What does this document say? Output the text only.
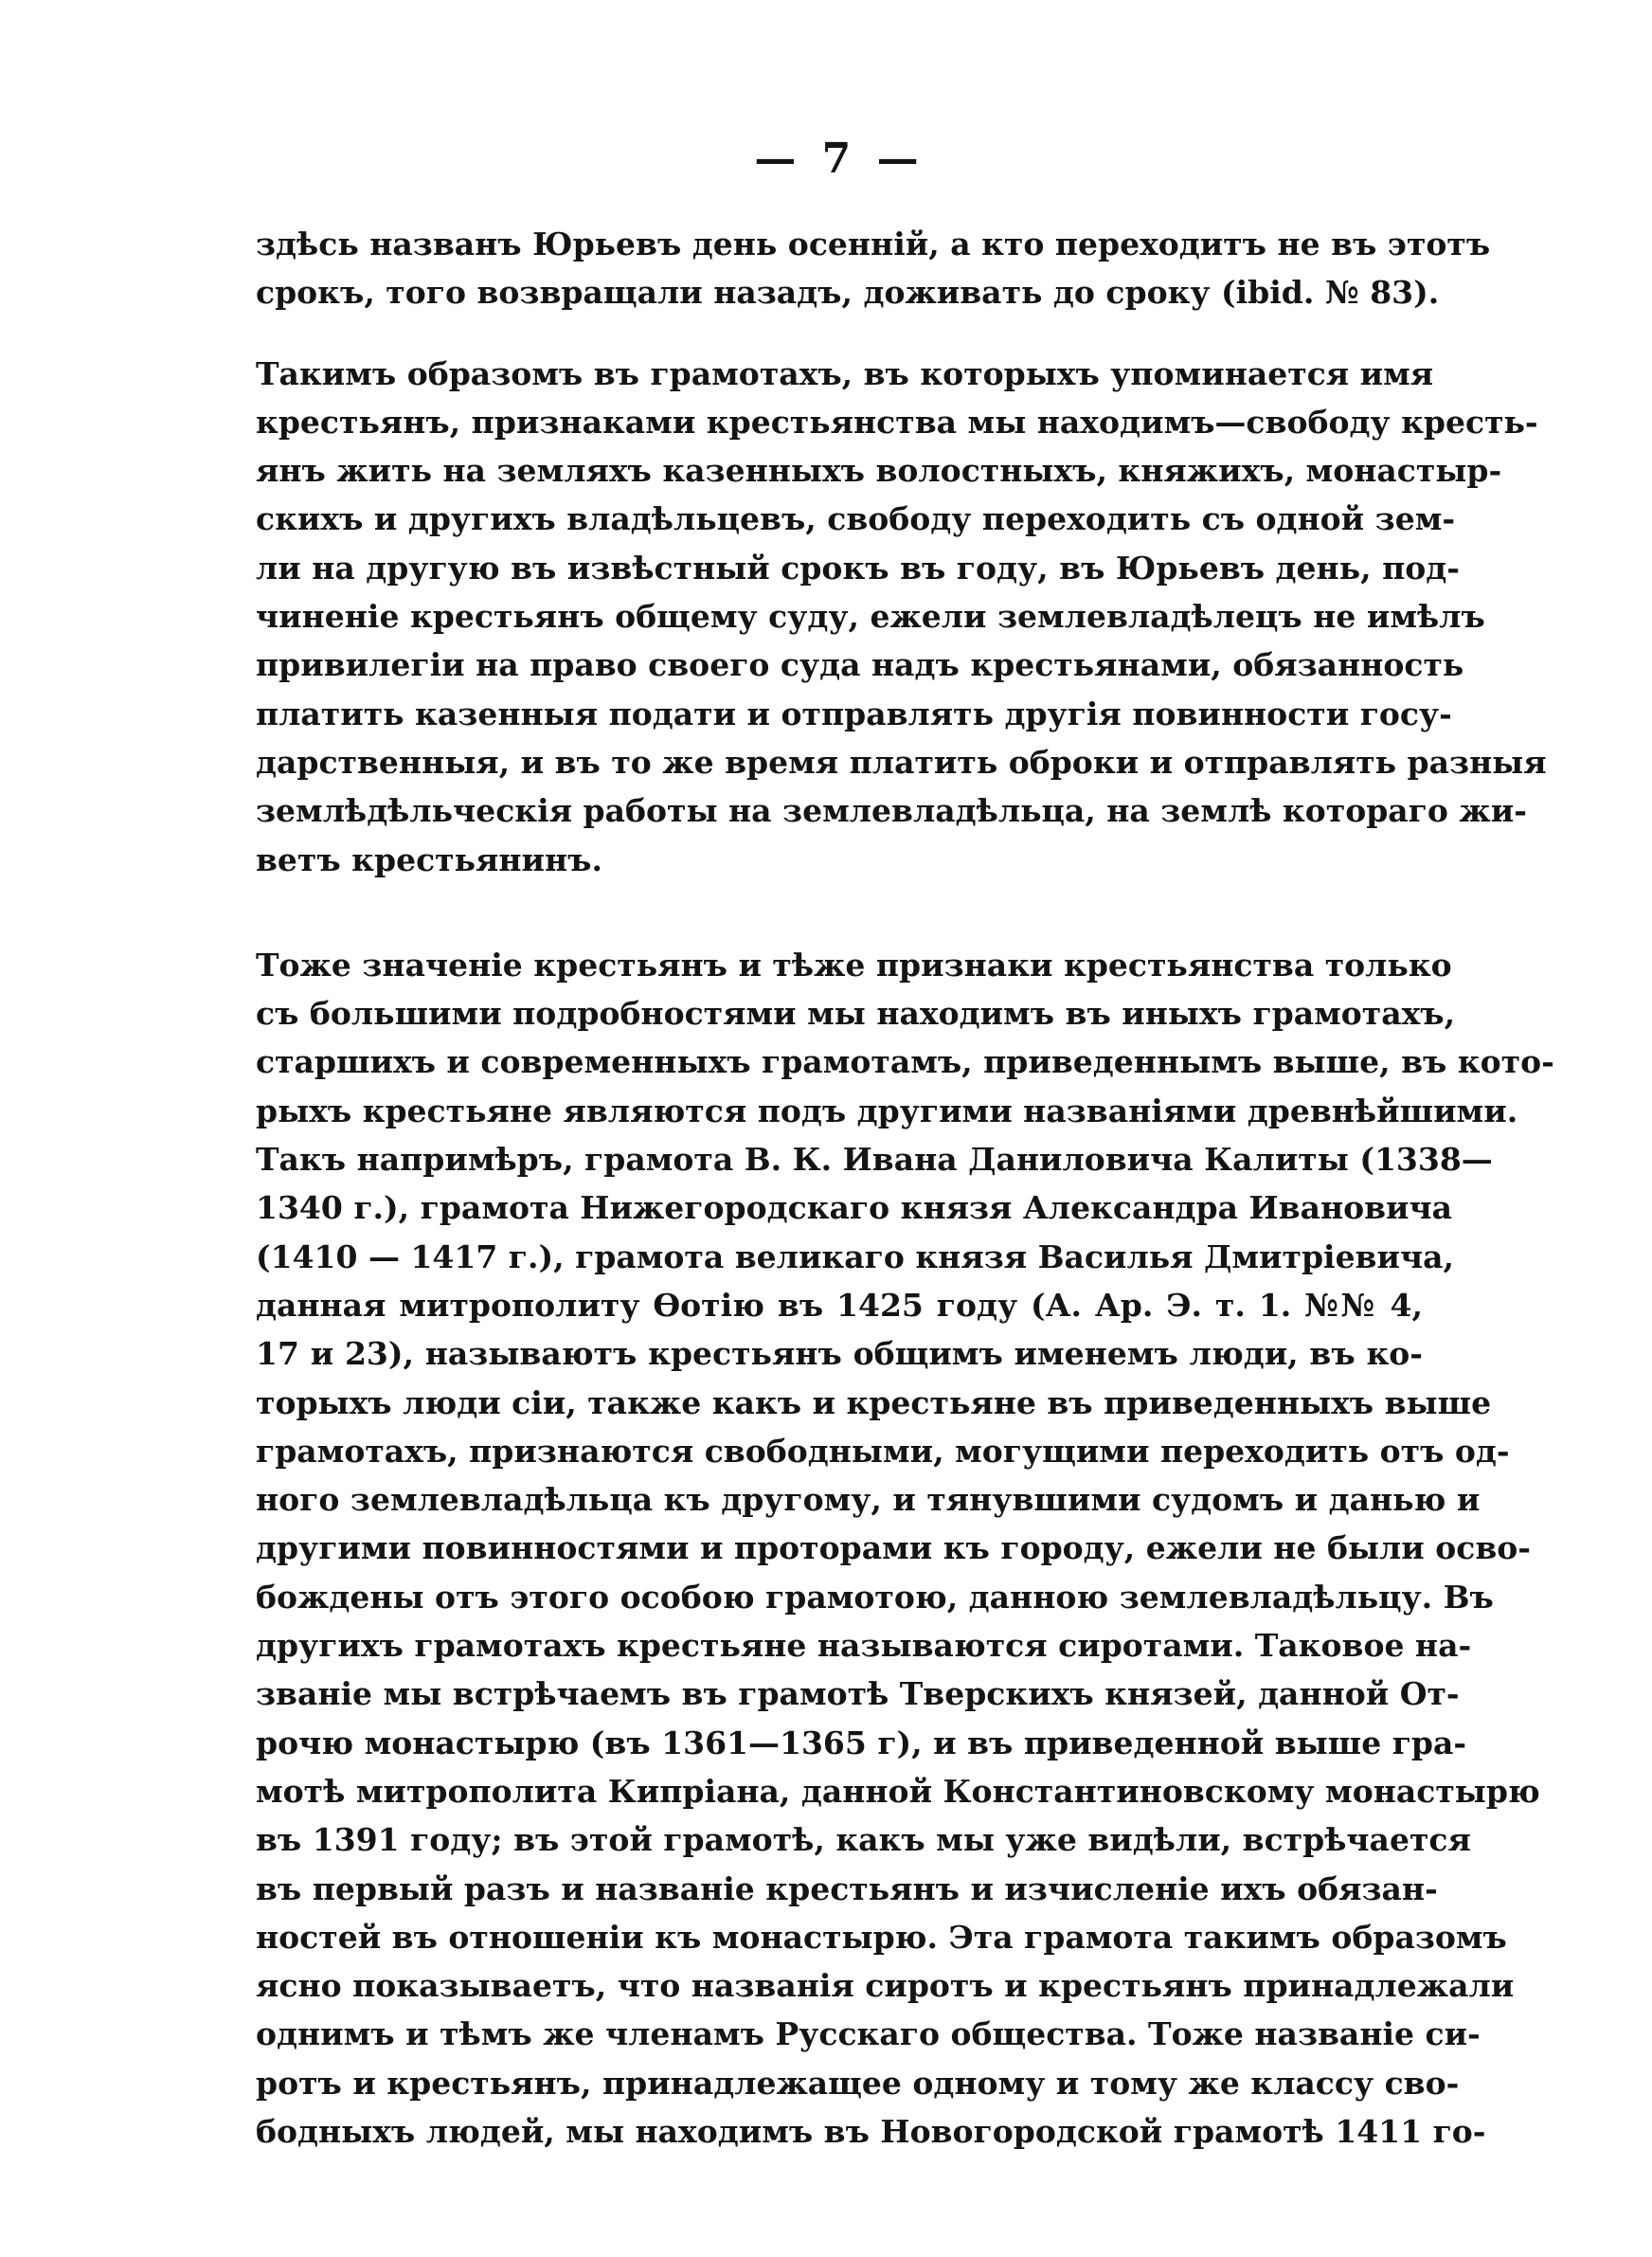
— 7 —
здѣсь названъ Юрьевъ день осеннiй, а кто переходитъ не въ этотъ
срокъ, того возвращали назадъ, доживать до сроку (ibid. № 83).
Такимъ образомъ въ грамотахъ, въ которыхъ упоминается имя
крестьянъ, признаками крестьянства мы находимъ—свободу кресть-
янъ жить на земляхъ казенныхъ волостныхъ, княжихъ, монастыр-
скихъ и другихъ владѣльцевъ, свободу переходить съ одной зем-
ли на другую въ извѣстный срокъ въ году, въ Юрьевъ день, под-
чиненiе крестьянъ общему суду, ежели землевладѣлецъ не имѣлъ
привилегiи на право своего суда надъ крестьянами, обязанность
платить казенныя подати и отправлять другiя повинности госу-
дарственныя, и въ то же время платить оброки и отправлять разныя
землѣдѣльческiя работы на землевладѣльца, на землѣ котораго жи-
ветъ крестьянинъ.
Тоже значенiе крестьянъ и тѣже признаки крестьянства только
съ большими подробностями мы находимъ въ иныхъ грамотахъ,
старшихъ и современныхъ грамотамъ, приведеннымъ выше, въ кото-
рыхъ крестьяне являются подъ другими названiями древнѣйшими.
Такъ напримѣръ, грамота В. К. Ивана Даниловича Калиты (1338—
1340 г.), грамота Нижегородскаго князя Александра Ивановича
(1410 — 1417 г.), грамота великаго князя Василья Дмитрiевича,
данная митрополиту Ѳотiю въ 1425 году (А. Ар. Э. т. 1. №№ 4,
17 и 23), называютъ крестьянъ общимъ именемъ люди, въ ко-
торыхъ люди сiи, также какъ и крестьяне въ приведенныхъ выше
грамотахъ, признаются свободными, могущими переходить отъ од-
ного землевладѣльца къ другому, и тянувшими судомъ и данью и
другими повинностями и проторами къ городу, ежели не были осво-
бождены отъ этого особою грамотою, данною землевладѣльцу. Въ
другихъ грамотахъ крестьяне называются сиротами. Таковое на-
званiе мы встрѣчаемъ въ грамотѣ Тверскихъ князей, данной От-
рочю монастырю (въ 1361—1365 г), и въ приведенной выше гра-
мотѣ митрополита Кипрiана, данной Константиновскому монастырю
въ 1391 году; въ этой грамотѣ, какъ мы уже видѣли, встрѣчается
въ первый разъ и названiе крестьянъ и изчисленiе ихъ обязан-
ностей въ отношенiи къ монастырю. Эта грамота такимъ образомъ
ясно показываетъ, что названiя сиротъ и крестьянъ принадлежали
однимъ и тѣмъ же членамъ Русскаго общества. Тоже названiе си-
ротъ и крестьянъ, принадлежащее одному и тому же классу сво-
бодныхъ людей, мы находимъ въ Новогородской грамотѣ 1411 го-
